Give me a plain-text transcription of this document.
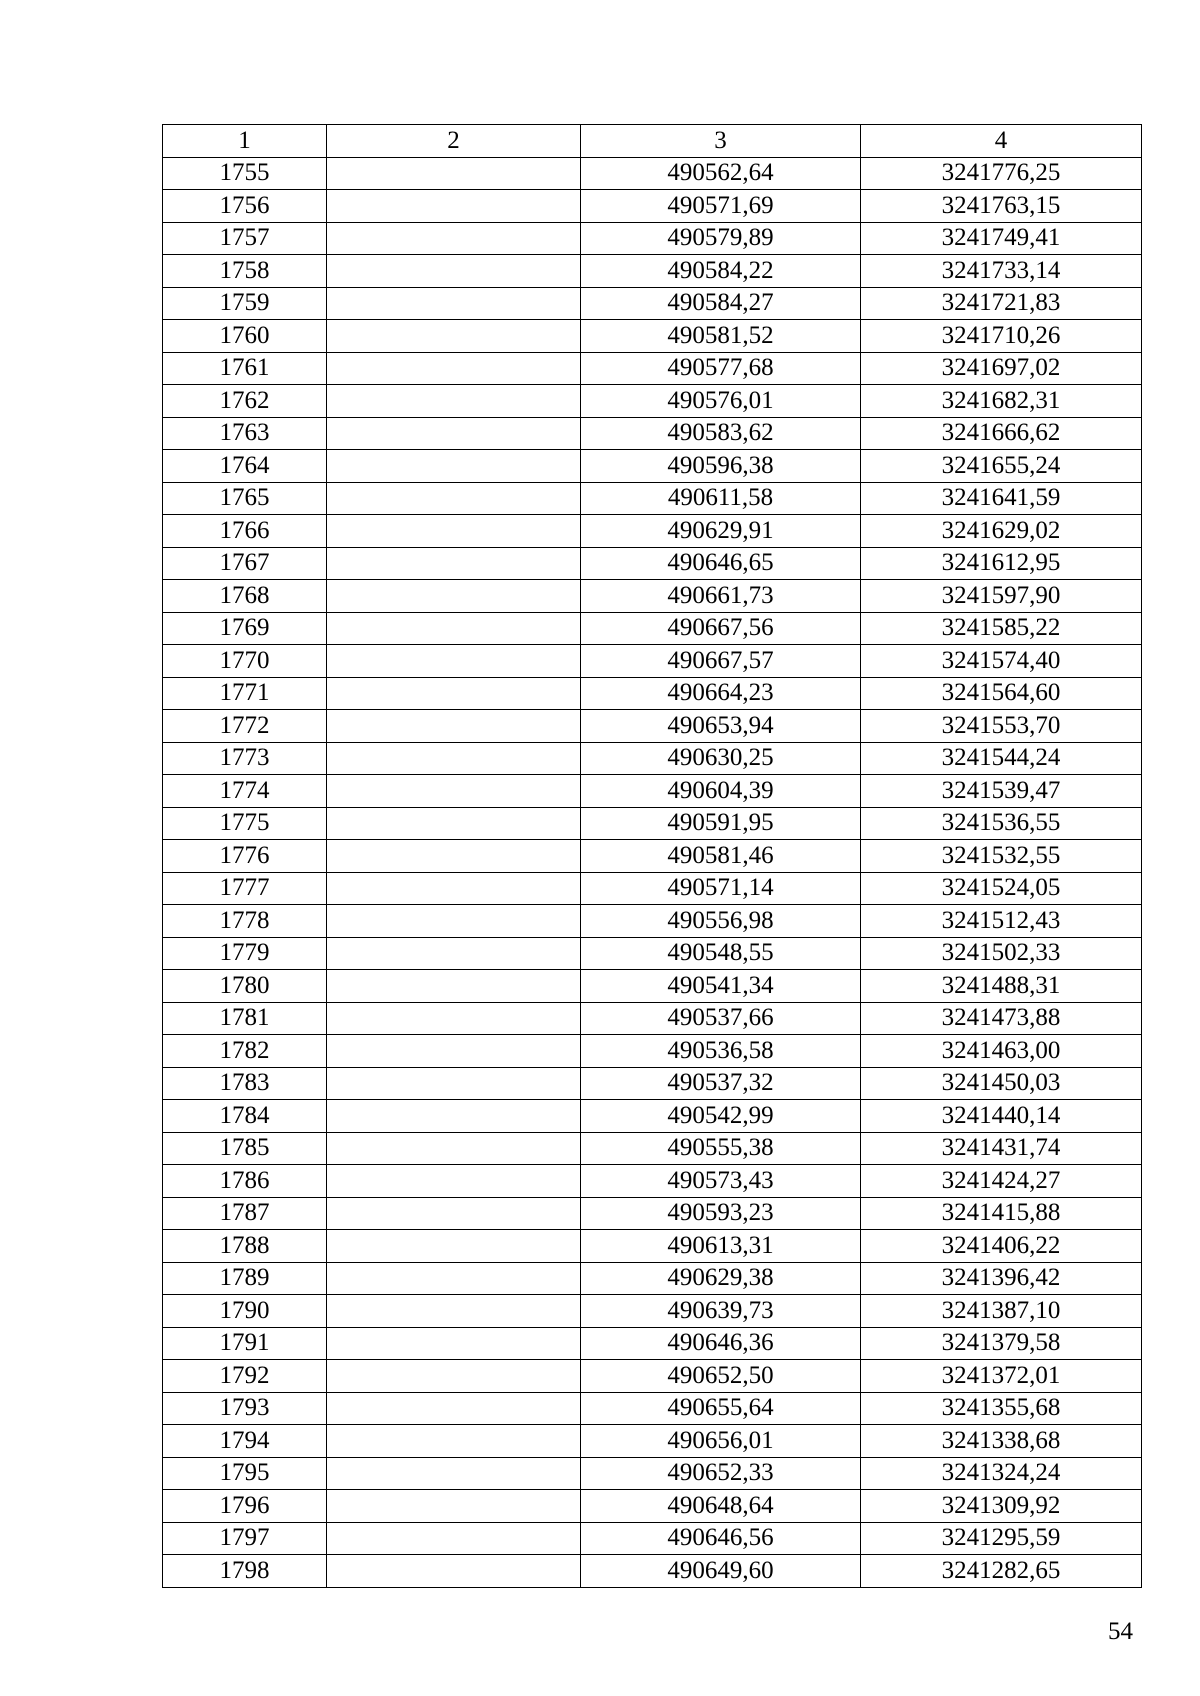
1	2	3	4
1755		490562,64	3241776,25
1756		490571,69	3241763,15
1757		490579,89	3241749,41
1758		490584,22	3241733,14
1759		490584,27	3241721,83
1760		490581,52	3241710,26
1761		490577,68	3241697,02
1762		490576,01	3241682,31
1763		490583,62	3241666,62
1764		490596,38	3241655,24
1765		490611,58	3241641,59
1766		490629,91	3241629,02
1767		490646,65	3241612,95
1768		490661,73	3241597,90
1769		490667,56	3241585,22
1770		490667,57	3241574,40
1771		490664,23	3241564,60
1772		490653,94	3241553,70
1773		490630,25	3241544,24
1774		490604,39	3241539,47
1775		490591,95	3241536,55
1776		490581,46	3241532,55
1777		490571,14	3241524,05
1778		490556,98	3241512,43
1779		490548,55	3241502,33
1780		490541,34	3241488,31
1781		490537,66	3241473,88
1782		490536,58	3241463,00
1783		490537,32	3241450,03
1784		490542,99	3241440,14
1785		490555,38	3241431,74
1786		490573,43	3241424,27
1787		490593,23	3241415,88
1788		490613,31	3241406,22
1789		490629,38	3241396,42
1790		490639,73	3241387,10
1791		490646,36	3241379,58
1792		490652,50	3241372,01
1793		490655,64	3241355,68
1794		490656,01	3241338,68
1795		490652,33	3241324,24
1796		490648,64	3241309,92
1797		490646,56	3241295,59
1798		490649,60	3241282,65
54
